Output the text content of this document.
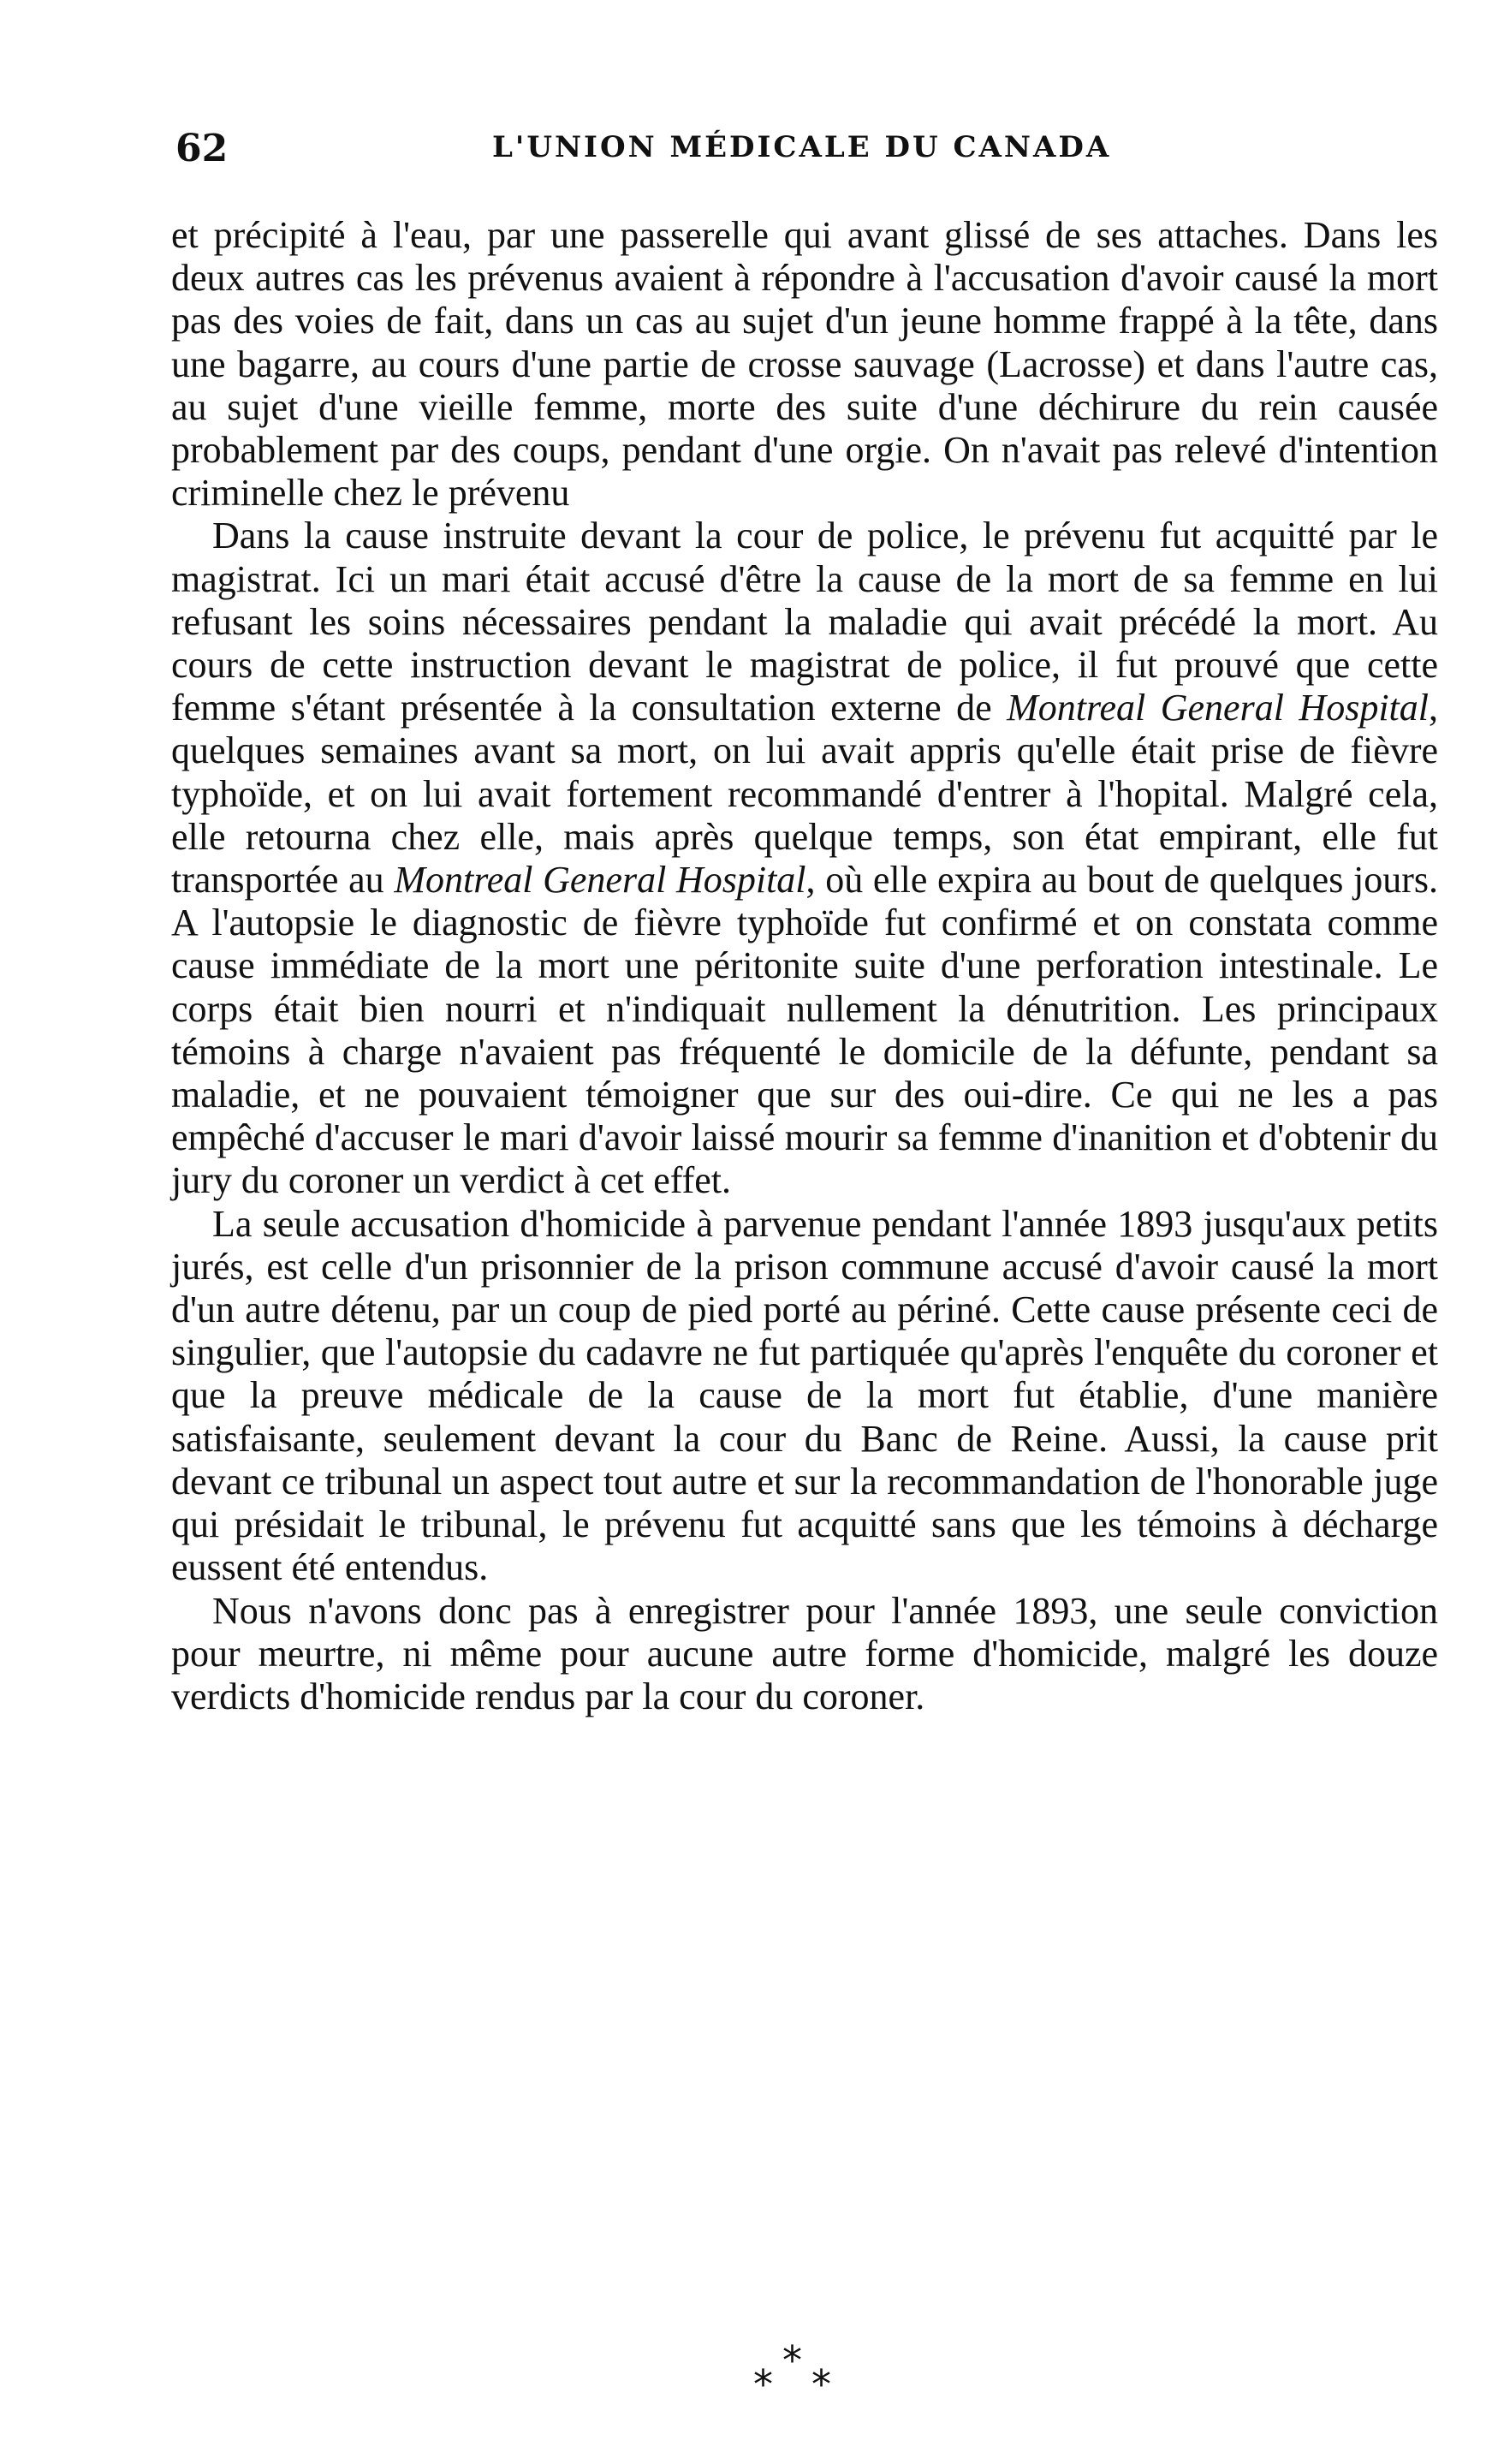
62	L'UNION MÉDICALE DU CANADA

et précipité à l'eau, par une passerelle qui avant glissé de ses attaches. Dans les deux autres cas les prévenus avaient à répondre à l'accusation d'avoir causé la mort pas des voies de fait, dans un cas au sujet d'un jeune homme frappé à la tête, dans une bagarre, au cours d'une partie de crosse sauvage (Lacrosse) et dans l'autre cas, au sujet d'une vieille femme, morte des suite d'une déchirure du rein causée probablement par des coups, pendant d'une orgie. On n'avait pas relevé d'intention criminelle chez le prévenu

Dans la cause instruite devant la cour de police, le prévenu fut acquitté par le magistrat. Ici un mari était accusé d'être la cause de la mort de sa femme en lui refusant les soins nécessaires pendant la maladie qui avait précédé la mort. Au cours de cette instruction devant le magistrat de police, il fut prouvé que cette femme s'étant présentée à la consultation externe de Montreal General Hospital, quelques semaines avant sa mort, on lui avait appris qu'elle était prise de fièvre typhoïde, et on lui avait fortement recommandé d'entrer à l'hopital. Malgré cela, elle retourna chez elle, mais après quelque temps, son état empirant, elle fut transportée au Montreal General Hospital, où elle expira au bout de quelques jours. A l'autopsie le diagnostic de fièvre typhoïde fut confirmé et on constata comme cause immédiate de la mort une péritonite suite d'une perforation intestinale. Le corps était bien nourri et n'indiquait nullement la dénutrition. Les principaux témoins à charge n'avaient pas fréquenté le domicile de la défunte, pendant sa maladie, et ne pouvaient témoigner que sur des oui-dire. Ce qui ne les a pas empêché d'accuser le mari d'avoir laissé mourir sa femme d'inanition et d'obtenir du jury du coroner un verdict à cet effet.

La seule accusation d'homicide à parvenue pendant l'année 1893 jusqu'aux petits jurés, est celle d'un prisonnier de la prison commune accusé d'avoir causé la mort d'un autre détenu, par un coup de pied porté au périné. Cette cause présente ceci de singulier, que l'autopsie du cadavre ne fut partiquée qu'après l'enquête du coroner et que la preuve médicale de la cause de la mort fut établie, d'une manière satisfaisante, seulement devant la cour du Banc de Reine. Aussi, la cause prit devant ce tribunal un aspect tout autre et sur la recommandation de l'honorable juge qui présidait le tribunal, le prévenu fut acquitté sans que les témoins à décharge eussent été entendus.

Nous n'avons donc pas à enregistrer pour l'année 1893, une seule conviction pour meurtre, ni même pour aucune autre forme d'homicide, malgré les douze verdicts d'homicide rendus par la cour du coroner.

*
* *
